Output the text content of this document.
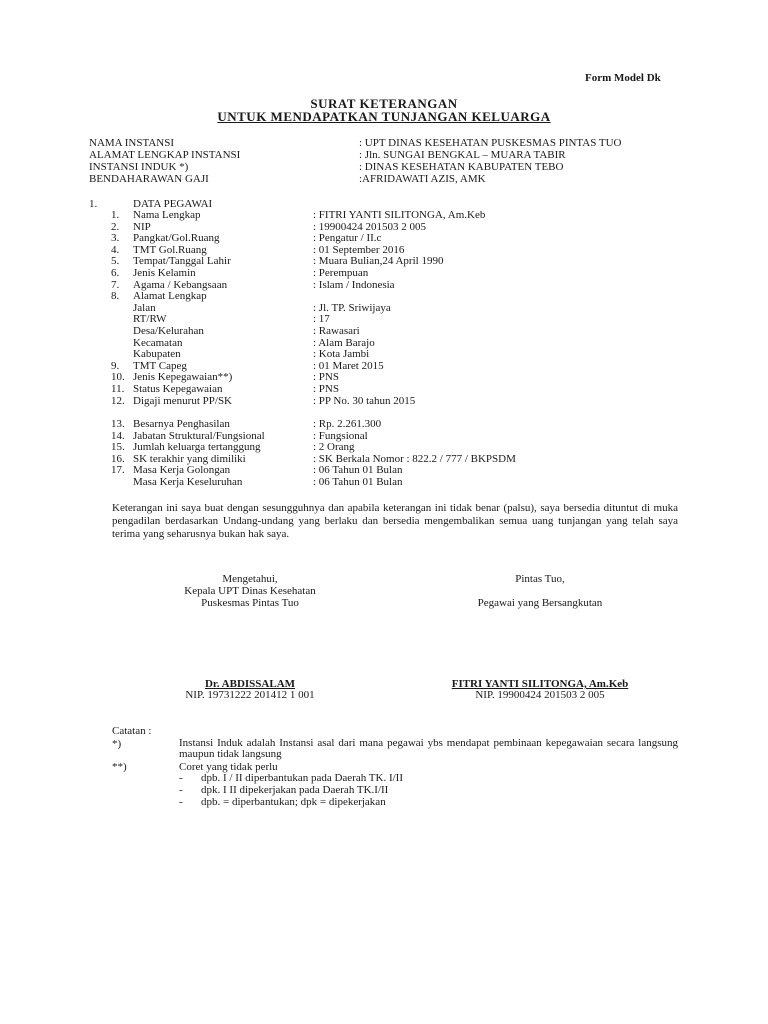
Form Model Dk
SURAT KETERANGAN
UNTUK MENDAPATKAN TUNJANGAN KELUARGA
NAMA INSTANSI	: UPT DINAS KESEHATAN PUSKESMAS PINTAS TUO
ALAMAT LENGKAP INSTANSI	: Jln. SUNGAI BENGKAL – MUARA TABIR
INSTANSI INDUK *)	: DINAS KESEHATAN KABUPATEN TEBO
BENDAHARAWAN GAJI	:AFRIDAWATI AZIS, AMK
1.	DATA PEGAWAI
1. Nama Lengkap	: FITRI YANTI SILITONGA, Am.Keb
2. NIP	: 19900424 201503 2 005
3. Pangkat/Gol.Ruang	: Pengatur / II.c
4. TMT Gol.Ruang	: 01 September 2016
5. Tempat/Tanggal Lahir	: Muara Bulian,24 April 1990
6. Jenis Kelamin	: Perempuan
7. Agama / Kebangsaan	: Islam / Indonesia
8. Alamat Lengkap
Jalan	: Jl. TP. Sriwijaya
RT/RW	: 17
Desa/Kelurahan	: Rawasari
Kecamatan	: Alam Barajo
Kabupaten	: Kota Jambi
9. TMT Capeg	: 01 Maret 2015
10. Jenis Kepegawaian**)	: PNS
11. Status Kepegawaian	: PNS
12. Digaji menurut PP/SK	: PP No. 30 tahun 2015
13. Besarnya Penghasilan	: Rp. 2.261.300
14. Jabatan Struktural/Fungsional	: Fungsional
15. Jumlah keluarga tertanggung	: 2 Orang
16. SK terakhir yang dimiliki	: SK Berkala Nomor : 822.2 / 777 / BKPSDM
17. Masa Kerja Golongan	: 06 Tahun 01 Bulan
Masa Kerja Keseluruhan	: 06 Tahun 01 Bulan
Keterangan ini saya buat dengan sesungguhnya dan apabila keterangan ini tidak benar (palsu), saya bersedia dituntut di muka pengadilan berdasarkan Undang-undang yang berlaku dan bersedia mengembalikan semua uang tunjangan yang telah saya terima yang seharusnya bukan hak saya.
Mengetahui,
Kepala UPT Dinas Kesehatan
Puskesmas Pintas Tuo
Dr. ABDISSALAM
NIP. 19731222 201412 1 001
Pintas Tuo,
Pegawai yang Bersangkutan
FITRI YANTI SILITONGA, Am.Keb
NIP. 19900424 201503 2 005
Catatan :
*)	Instansi Induk adalah Instansi asal dari mana pegawai ybs mendapat pembinaan kepegawaian secara langsung maupun tidak langsung
**)	Coret yang tidak perlu
- dpb. I / II diperbantukan pada Daerah TK. I/II
- dpk. I II dipekerjakan pada Daerah TK.I/II
- dpb. = diperbantukan; dpk = dipekerjakan
